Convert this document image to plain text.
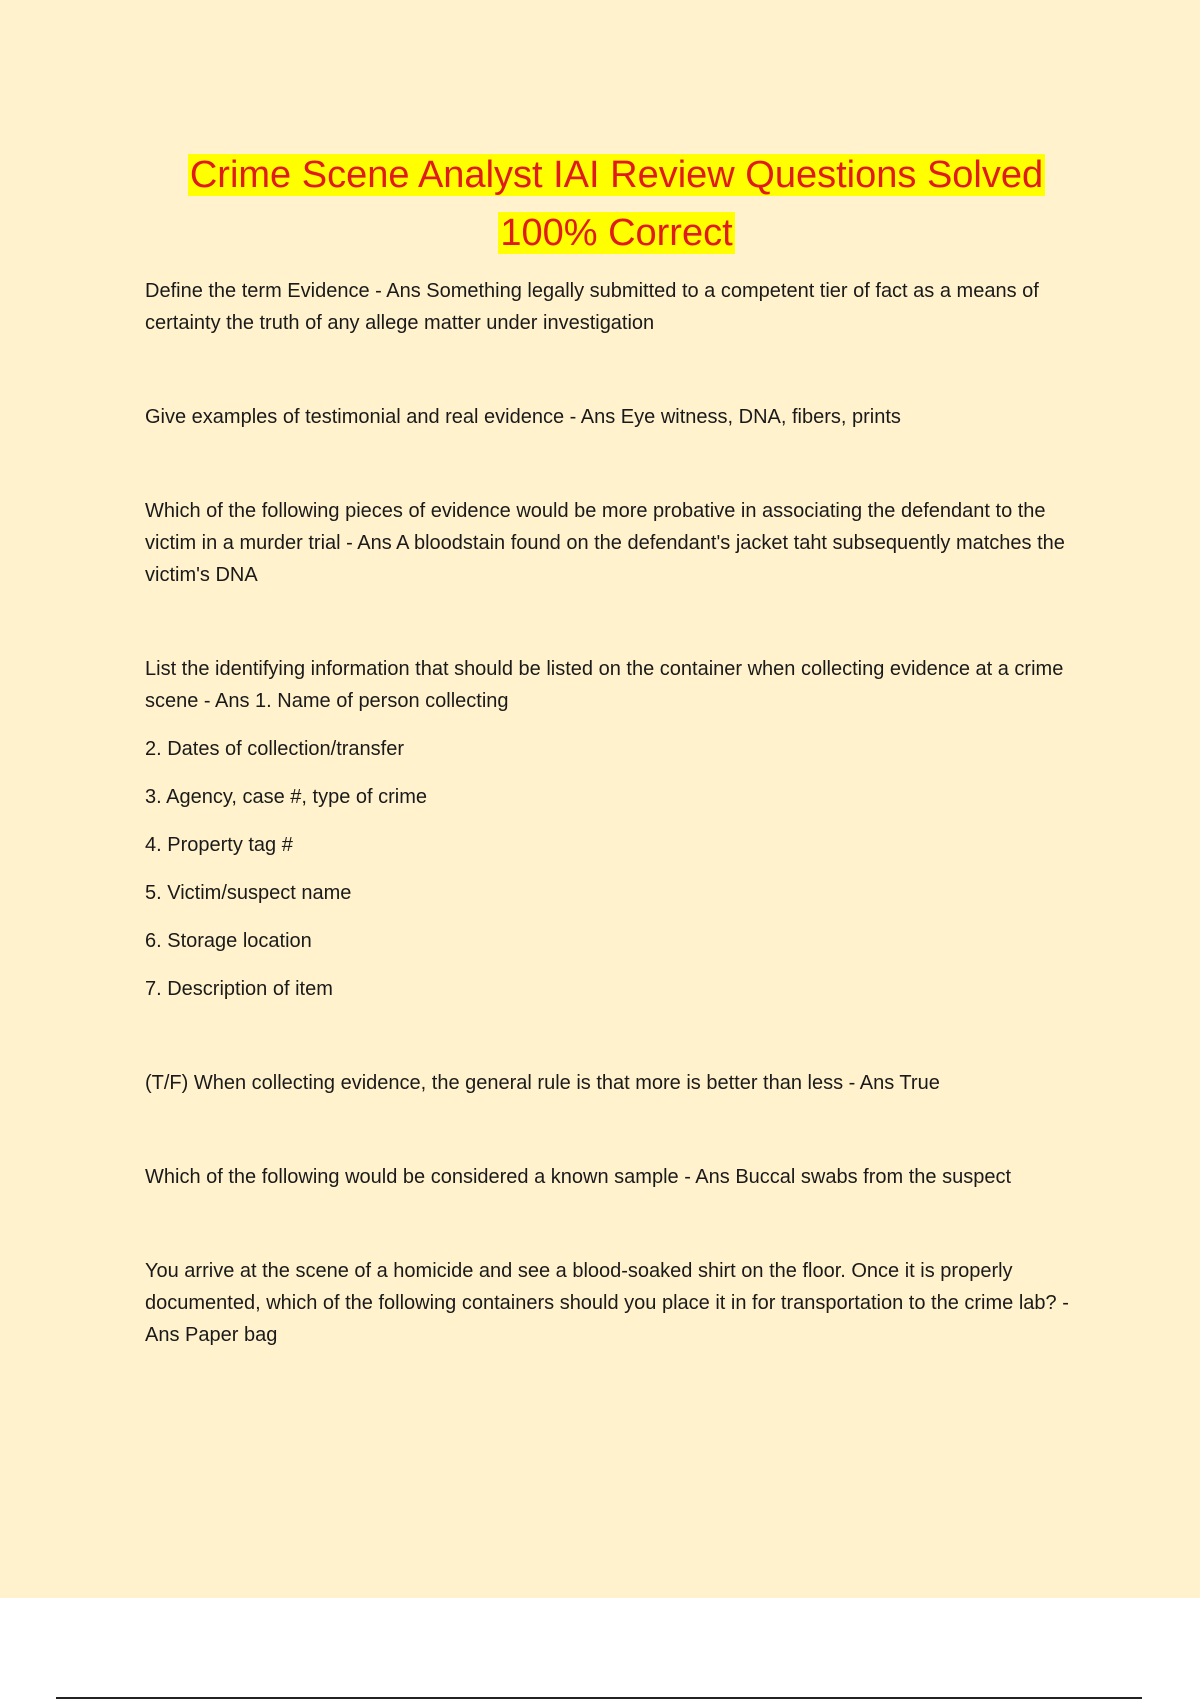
Crime Scene Analyst IAI Review Questions Solved
100% Correct

Define the term Evidence - Ans Something legally submitted to a competent tier of fact as a means of certainty the truth of any allege matter under investigation

Give examples of testimonial and real evidence - Ans Eye witness, DNA, fibers, prints

Which of the following pieces of evidence would be more probative in associating the defendant to the victim in a murder trial - Ans A bloodstain found on the defendant's jacket taht subsequently matches the victim's DNA

List the identifying information that should be listed on the container when collecting evidence at a crime scene - Ans 1. Name of person collecting

2. Dates of collection/transfer

3. Agency, case #, type of crime

4. Property tag #

5. Victim/suspect name

6. Storage location

7. Description of item

(T/F) When collecting evidence, the general rule is that more is better than less - Ans True

Which of the following would be considered a known sample - Ans Buccal swabs from the suspect

You arrive at the scene of a homicide and see a blood-soaked shirt on the floor. Once it is properly documented, which of the following containers should you place it in for transportation to the crime lab? - Ans Paper bag
